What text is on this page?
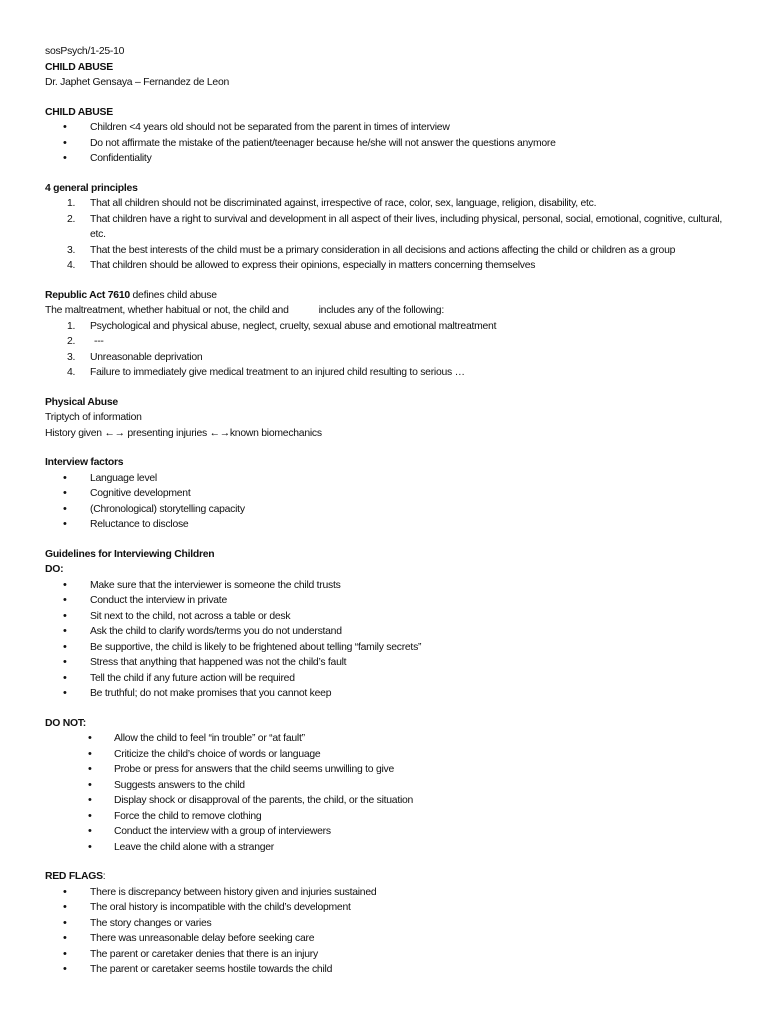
sosPsych/1-25-10
CHILD ABUSE
Dr. Japhet Gensaya – Fernandez de Leon
CHILD ABUSE
• Children <4 years old should not be separated from the parent in times of interview
• Do not affirmate the mistake of the patient/teenager because he/she will not answer the questions anymore
• Confidentiality
4 general principles
1. That all children should not be discriminated against, irrespective of race, color, sex, language, religion, disability, etc.
2. That children have a right to survival and development in all aspect of their lives, including physical, personal, social, emotional, cognitive, cultural, etc.
3. That the best interests of the child must be a primary consideration in all decisions and actions affecting the child or children as a group
4. That children should be allowed to express their opinions, especially in matters concerning themselves
Republic Act 7610 defines child abuse
The maltreatment, whether habitual or not, the child and	includes any of the following:
1. Psychological and physical abuse, neglect, cruelty, sexual abuse and emotional maltreatment
2. ---
3. Unreasonable deprivation
4. Failure to immediately give medical treatment to an injured child resulting to serious …
Physical Abuse
Triptych of information
History given ←→ presenting injuries ←→known biomechanics
Interview factors
• Language level
• Cognitive development
• (Chronological) storytelling capacity
• Reluctance to disclose
Guidelines for Interviewing Children
DO:
• Make sure that the interviewer is someone the child trusts
• Conduct the interview in private
• Sit next to the child, not across a table or desk
• Ask the child to clarify words/terms you do not understand
• Be supportive, the child is likely to be frightened about telling “family secrets”
• Stress that anything that happened was not the child’s fault
• Tell the child if any future action will be required
• Be truthful; do not make promises that you cannot keep
DO NOT:
• Allow the child to feel “in trouble” or “at fault”
• Criticize the child’s choice of words or language
• Probe or press for answers that the child seems unwilling to give
• Suggests answers to the child
• Display shock or disapproval of the parents, the child, or the situation
• Force the child to remove clothing
• Conduct the interview with a group of interviewers
• Leave the child alone with a stranger
RED FLAGS:
• There is discrepancy between history given and injuries sustained
• The oral history is incompatible with the child’s development
• The story changes or varies
• There was unreasonable delay before seeking care
• The parent or caretaker denies that there is an injury
• The parent or caretaker seems hostile towards the child
